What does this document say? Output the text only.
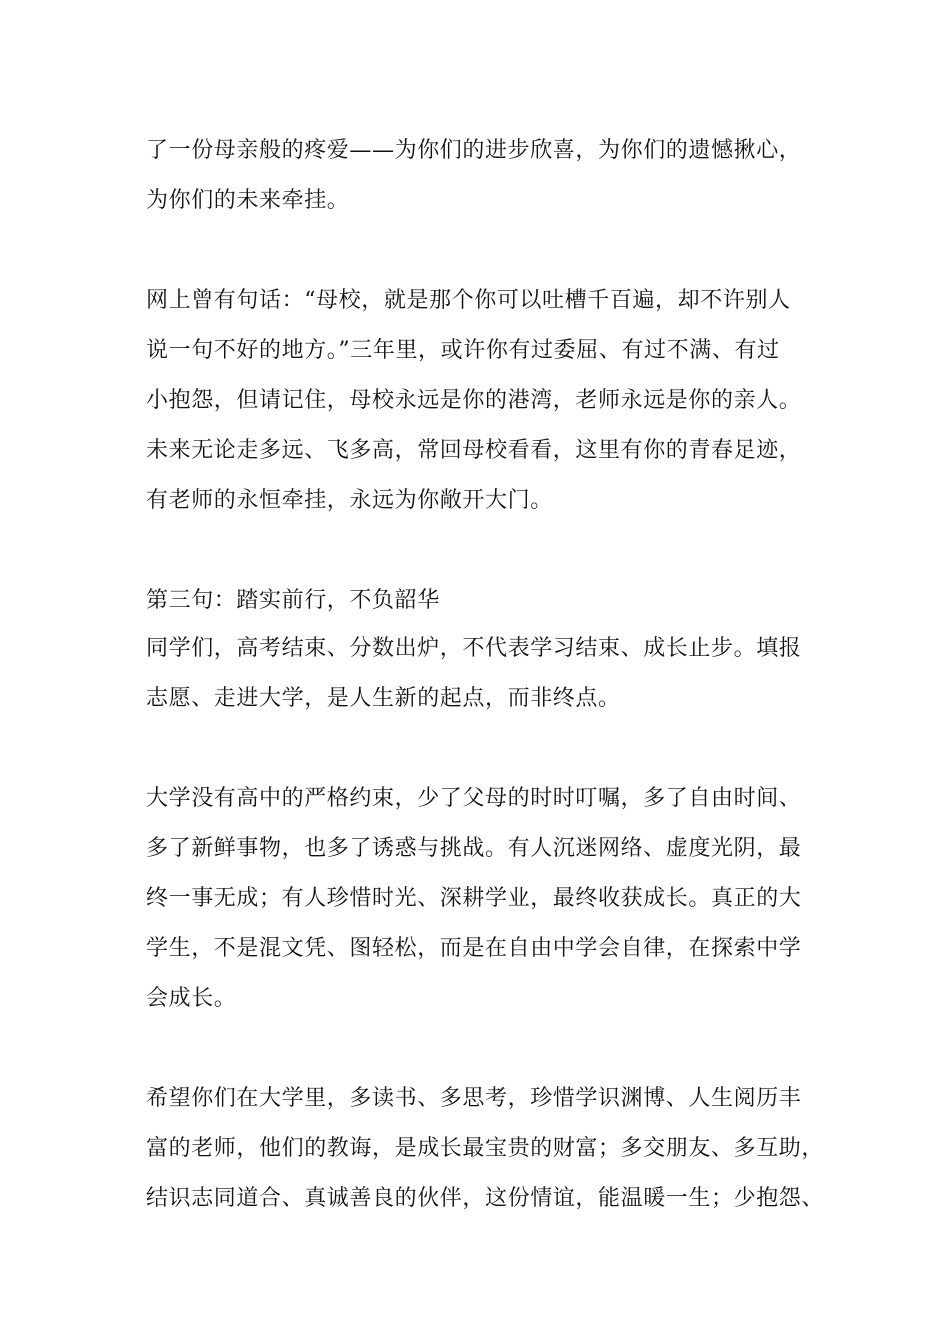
了一份母亲般的疼爱——为你们的进步欣喜，为你们的遗憾揪心，
为你们的未来牵挂。
网上曾有句话：“母校，就是那个你可以吐槽千百遍，却不许别人
说一句不好的地方。”三年里，或许你有过委屈、有过不满、有过
小抱怨，但请记住，母校永远是你的港湾，老师永远是你的亲人。
未来无论走多远、飞多高，常回母校看看，这里有你的青春足迹，
有老师的永恒牵挂，永远为你敞开大门。
第三句：踏实前行，不负韶华
同学们，高考结束、分数出炉，不代表学习结束、成长止步。填报
志愿、走进大学，是人生新的起点，而非终点。
大学没有高中的严格约束，少了父母的时时叮嘱，多了自由时间、
多了新鲜事物，也多了诱惑与挑战。有人沉迷网络、虚度光阴，最
终一事无成；有人珍惜时光、深耕学业，最终收获成长。真正的大
学生，不是混文凭、图轻松，而是在自由中学会自律，在探索中学
会成长。
希望你们在大学里，多读书、多思考，珍惜学识渊博、人生阅历丰
富的老师，他们的教诲，是成长最宝贵的财富；多交朋友、多互助，
结识志同道合、真诚善良的伙伴，这份情谊，能温暖一生；少抱怨、
